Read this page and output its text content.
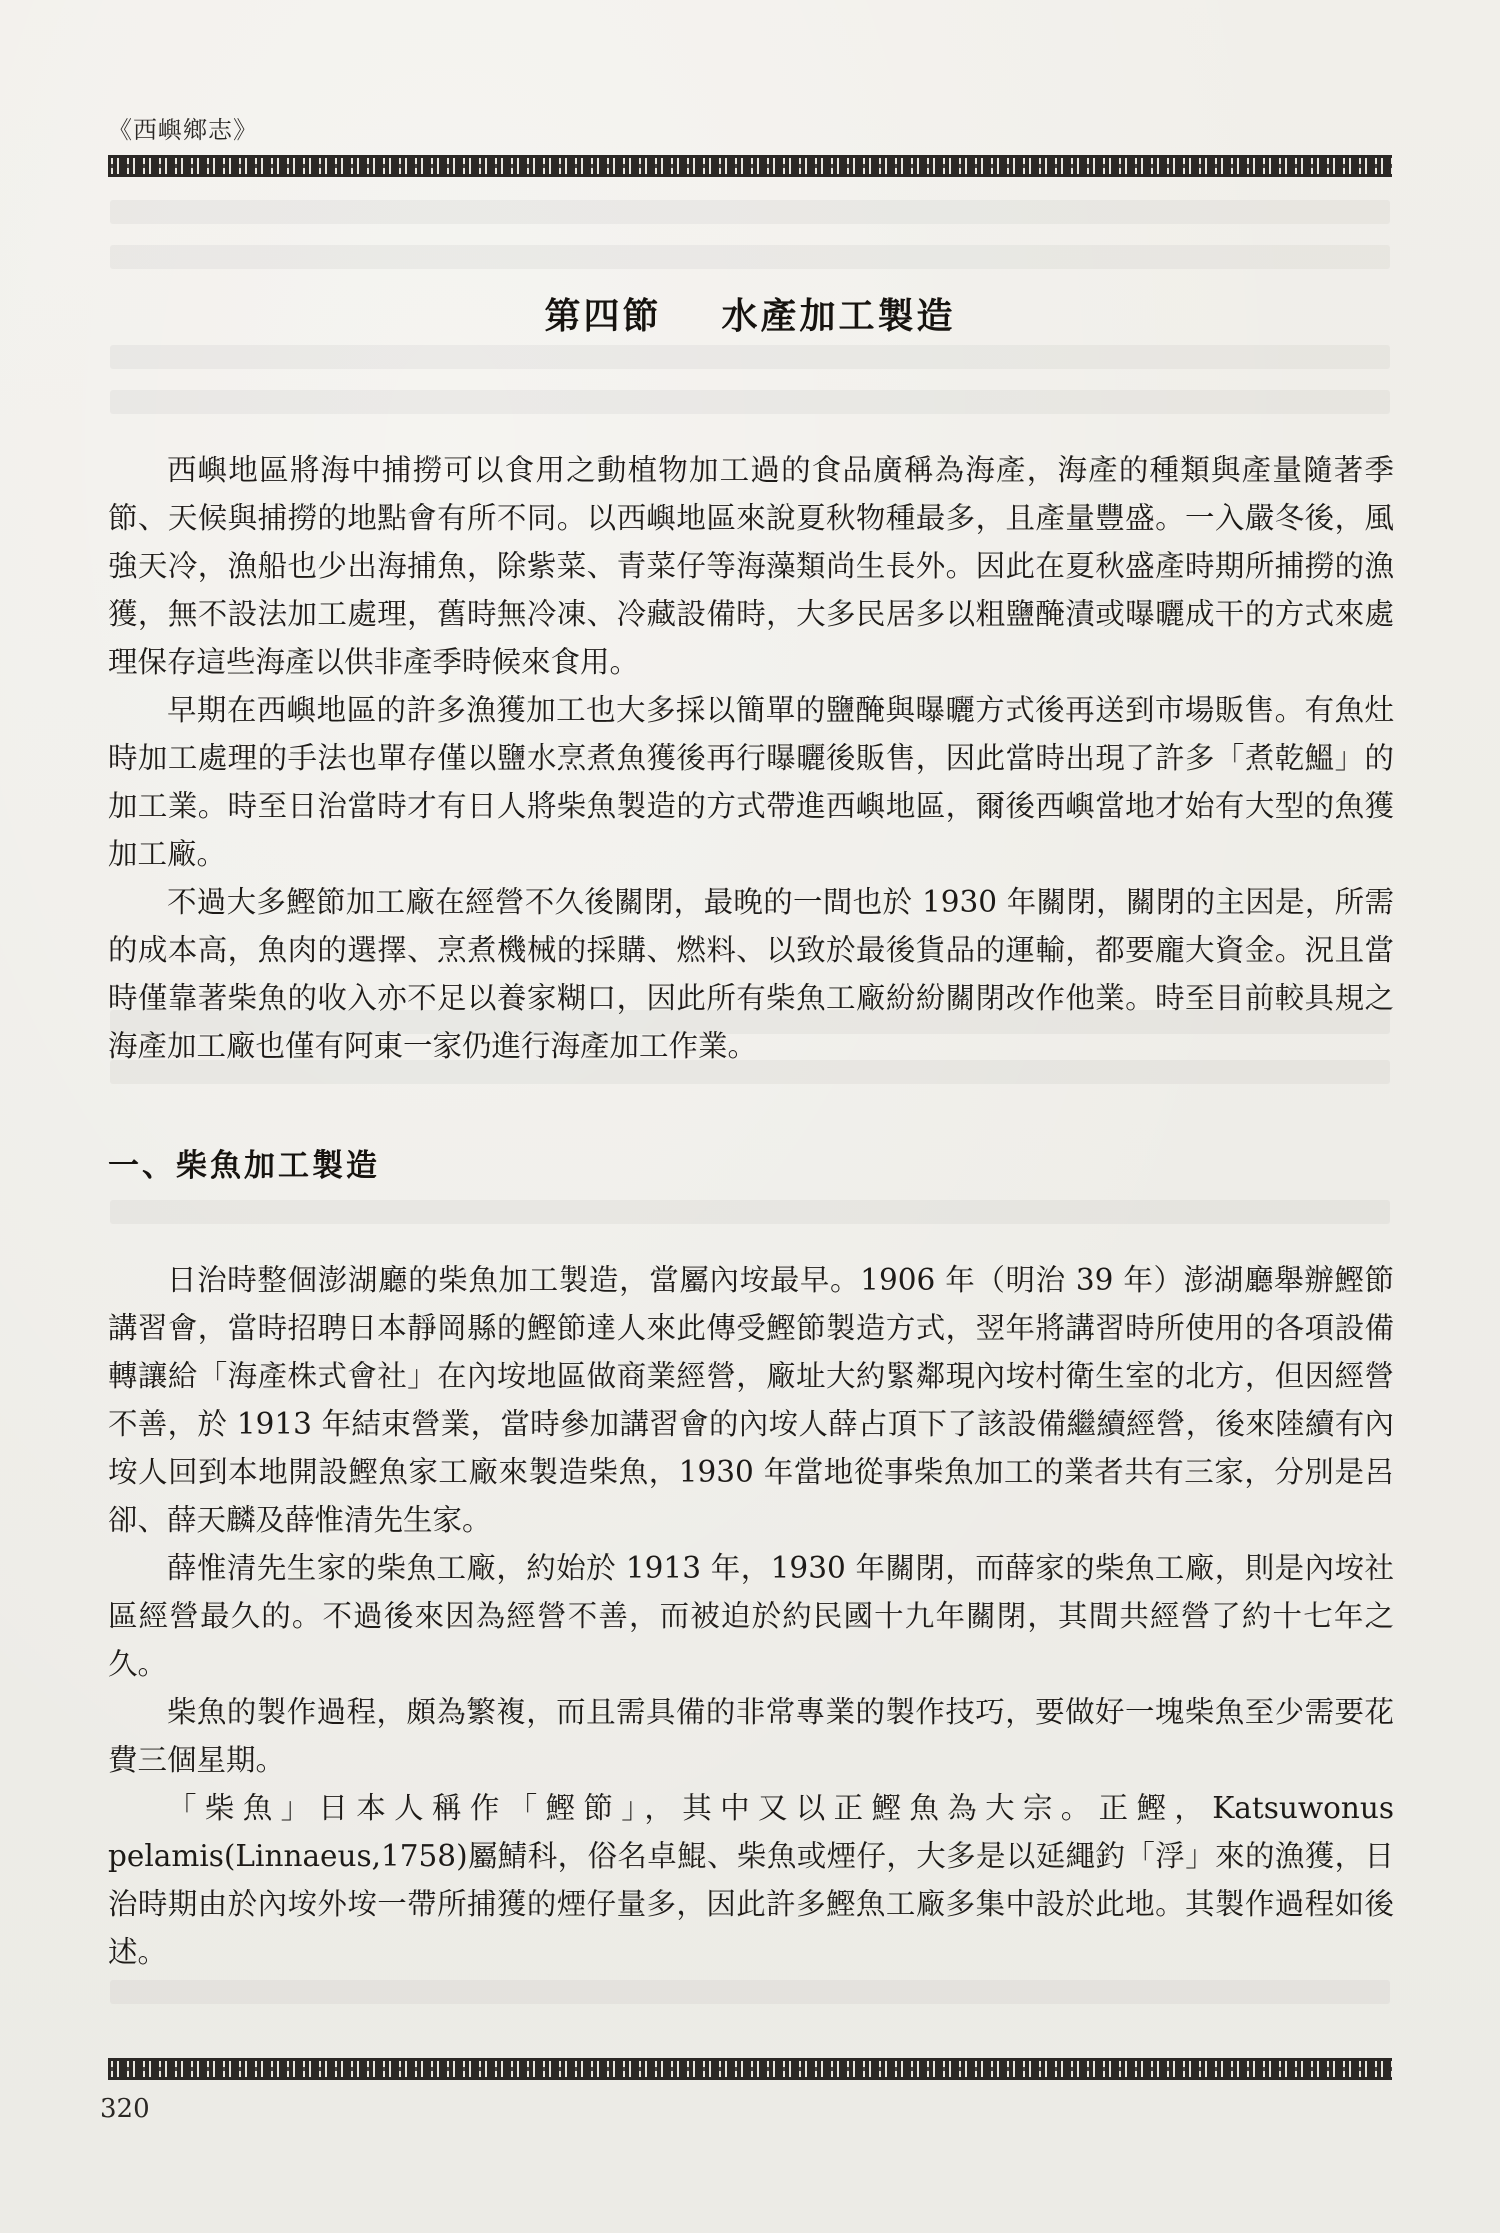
《西嶼鄉志》
第四節 水產加工製造

西嶼地區將海中捕撈可以食用之動植物加工過的食品廣稱為海產，海產的種類與產量隨著季節、天候與捕撈的地點會有所不同。以西嶼地區來說夏秋物種最多，且產量豐盛。一入嚴冬後，風強天冷，漁船也少出海捕魚，除紫菜、青菜仔等海藻類尚生長外。因此在夏秋盛產時期所捕撈的漁獲，無不設法加工處理，舊時無冷凍、冷藏設備時，大多民居多以粗鹽醃漬或曝曬成干的方式來處理保存這些海產以供非產季時候來食用。

早期在西嶼地區的許多漁獲加工也大多採以簡單的鹽醃與曝曬方式後再送到市場販售。有魚灶時加工處理的手法也單存僅以鹽水烹煮魚獲後再行曝曬後販售，因此當時出現了許多「煮乾鰮」的加工業。時至日治當時才有日人將柴魚製造的方式帶進西嶼地區，爾後西嶼當地才始有大型的魚獲加工廠。

不過大多鰹節加工廠在經營不久後關閉，最晚的一間也於 1930 年關閉，關閉的主因是，所需的成本高，魚肉的選擇、烹煮機械的採購、燃料、以致於最後貨品的運輸，都要龐大資金。況且當時僅靠著柴魚的收入亦不足以養家糊口，因此所有柴魚工廠紛紛關閉改作他業。時至目前較具規之海產加工廠也僅有阿東一家仍進行海產加工作業。

一、柴魚加工製造

日治時整個澎湖廳的柴魚加工製造，當屬內垵最早。1906 年（明治 39 年）澎湖廳舉辦鰹節講習會，當時招聘日本靜岡縣的鰹節達人來此傳受鰹節製造方式，翌年將講習時所使用的各項設備轉讓給「海產株式會社」在內垵地區做商業經營，廠址大約緊鄰現內垵村衛生室的北方，但因經營不善，於 1913 年結束營業，當時參加講習會的內垵人薛占頂下了該設備繼續經營，後來陸續有內垵人回到本地開設鰹魚家工廠來製造柴魚，1930 年當地從事柴魚加工的業者共有三家，分別是呂卻、薛天麟及薛惟清先生家。

薛惟清先生家的柴魚工廠，約始於 1913 年，1930 年關閉，而薛家的柴魚工廠，則是內垵社區經營最久的。不過後來因為經營不善，而被迫於約民國十九年關閉，其間共經營了約十七年之久。

柴魚的製作過程，頗為繁複，而且需具備的非常專業的製作技巧，要做好一塊柴魚至少需要花費三個星期。

「柴魚」日本人稱作「鰹節」，其中又以正鰹魚為大宗。正鰹，Katsuwonus pelamis(Linnaeus,1758)屬鯖科，俗名卓鯤、柴魚或煙仔，大多是以延繩釣「浮」來的漁獲，日治時期由於內垵外垵一帶所捕獲的煙仔量多，因此許多鰹魚工廠多集中設於此地。其製作過程如後述。

320
